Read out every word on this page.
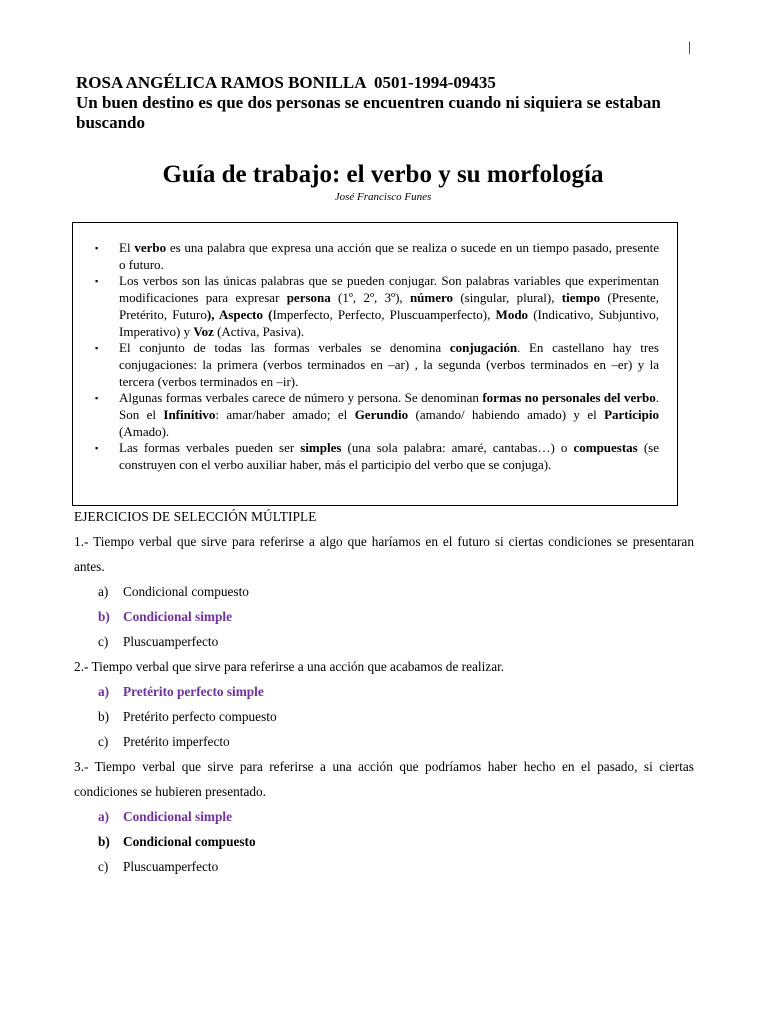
|
ROSA ANGÉLICA RAMOS BONILLA  0501-1994-09435
Un buen destino es que dos personas se encuentren cuando ni siquiera se estaban buscando
Guía de trabajo: el verbo y su morfología
José Francisco Funes
▪ El verbo es una palabra que expresa una acción que se realiza o sucede en un tiempo pasado, presente o futuro.
▪ Los verbos son las únicas palabras que se pueden conjugar. Son palabras variables que experimentan modificaciones para expresar persona (1º, 2º, 3º), número (singular, plural), tiempo (Presente, Pretérito, Futuro), Aspecto (Imperfecto, Perfecto, Pluscuamperfecto), Modo (Indicativo, Subjuntivo, Imperativo) y Voz (Activa, Pasiva).
▪ El conjunto de todas las formas verbales se denomina conjugación. En castellano hay tres conjugaciones: la primera (verbos terminados en –ar) , la segunda (verbos terminados en –er) y la tercera (verbos terminados en –ir).
▪ Algunas formas verbales carece de número y persona. Se denominan formas no personales del verbo. Son el Infinitivo: amar/haber amado; el Gerundio (amando/ habiendo amado) y el Participio (Amado).
▪ Las formas verbales pueden ser simples (una sola palabra: amaré, cantabas…) o compuestas (se construyen con el verbo auxiliar haber, más el participio del verbo que se conjuga).
EJERCICIOS DE SELECCIÓN MÚLTIPLE
1.- Tiempo verbal que sirve para referirse a algo que haríamos en el futuro si ciertas condiciones se presentaran antes.
a) Condicional compuesto
b) Condicional simple
c) Pluscuamperfecto
2.- Tiempo verbal que sirve para referirse a una acción que acabamos de realizar.
a) Pretérito perfecto simple
b) Pretérito perfecto compuesto
c) Pretérito imperfecto
3.- Tiempo verbal que sirve para referirse a una acción que podríamos haber hecho en el pasado, si ciertas condiciones se hubieren presentado.
a) Condicional simple
b) Condicional compuesto
c) Pluscuamperfecto
